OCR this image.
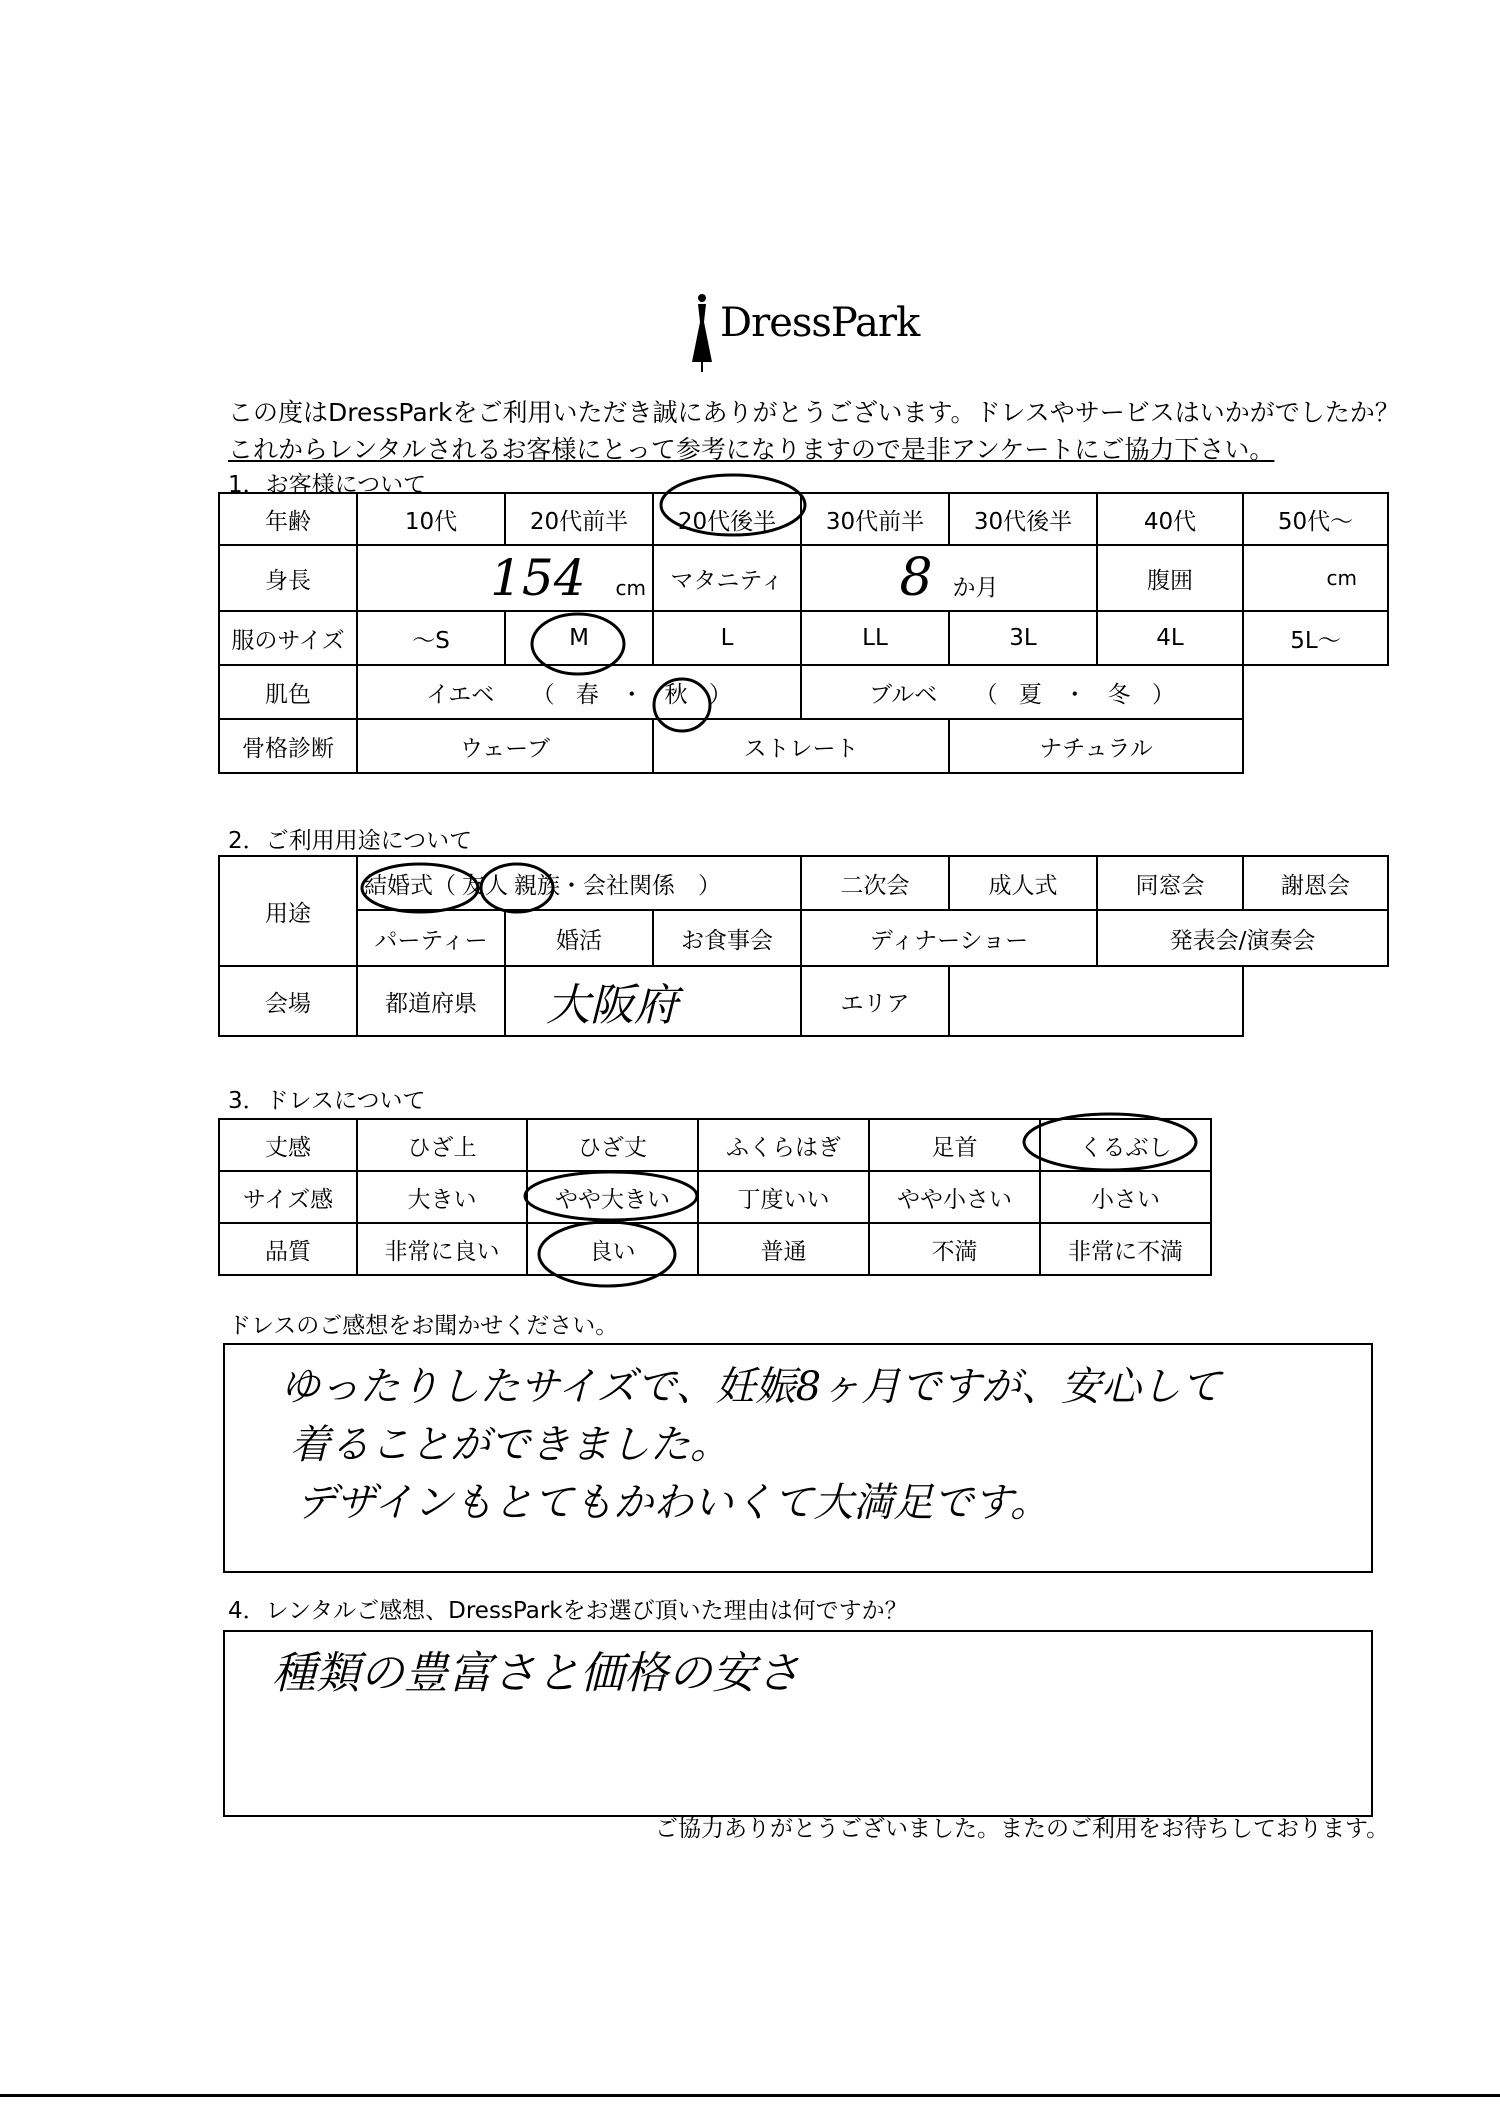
DressPark
この度はDressParkをご利用いただき誠にありがとうございます。ドレスやサービスはいかがでしたか？
これからレンタルされるお客様にとって参考になりますので是非アンケートにご協力下さい。
1．お客様について
年齢	10代	20代前半	20代後半	30代前半	30代後半	40代	50代～
身長	154 cm		マタニティ	8 か月		腹囲	cm
服のサイズ	～S	M	L	LL	3L	4L	5L～
肌色	イエベ （ 春 ・ 秋 ）			ブルベ （ 夏 ・ 冬 ）			
骨格診断	ウェーブ		ストレート		ナチュラル		
2．ご利用用途について
用途	結婚式（ 友人 親族・会社関係　）			二次会	成人式	同窓会	謝恩会
	パーティー	婚活	お食事会	ディナーショー		発表会/演奏会	
会場	都道府県	大阪府		エリア			
3．ドレスについて
丈感	ひざ上	ひざ丈	ふくらはぎ	足首	くるぶし
サイズ感	大きい	やや大きい	丁度いい	やや小さい	小さい
品質	非常に良い	良い	普通	不満	非常に不満
ドレスのご感想をお聞かせください。
ゆったりしたサイズで、妊娠8ヶ月ですが、安心して
着ることができました。
デザインもとてもかわいくて大満足です。
4．レンタルご感想、DressParkをお選び頂いた理由は何ですか？
種類の豊富さと価格の安さ
ご協力ありがとうございました。またのご利用をお待ちしております。
